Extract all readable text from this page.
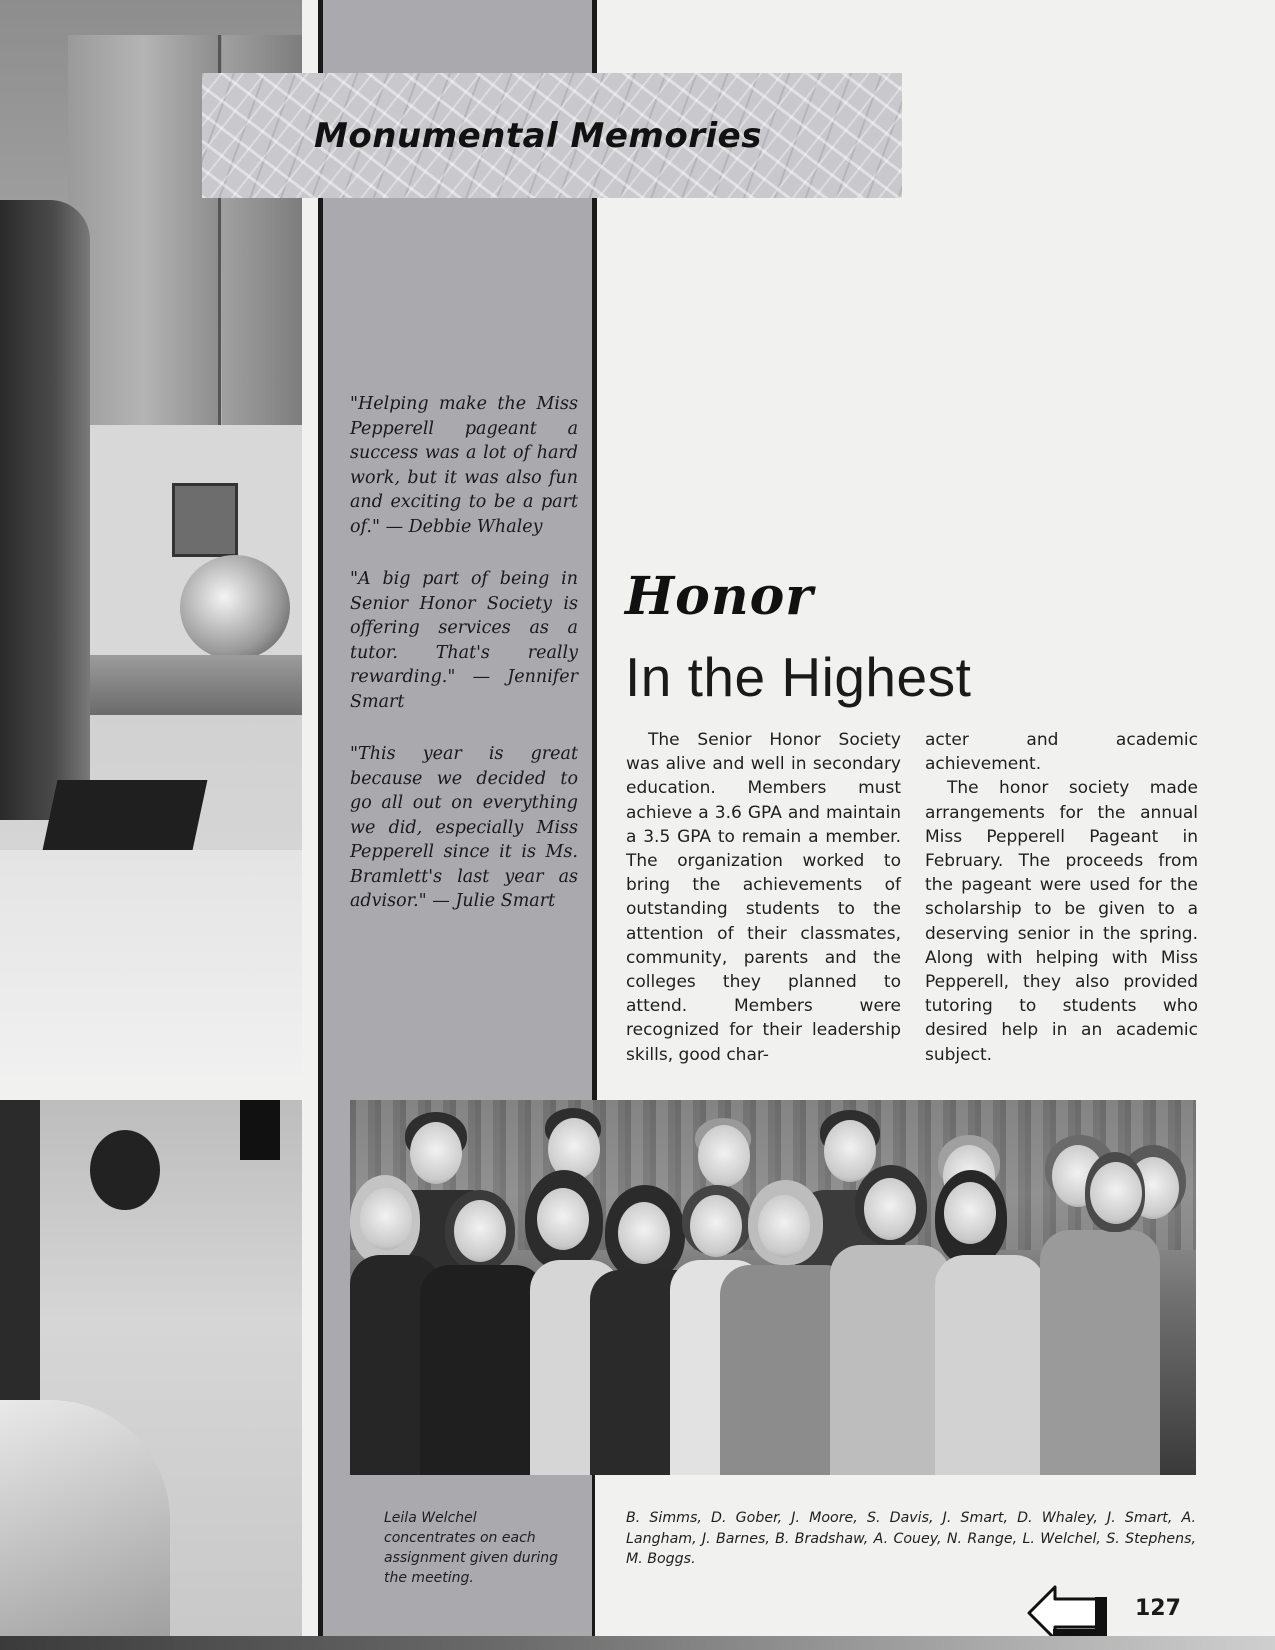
Monumental Memories

"Helping make the Miss Pepperell pageant a success was a lot of hard work, but it was also fun and exciting to be a part of." — Debbie Whaley

"A big part of being in Senior Honor Society is offering services as a tutor. That's really rewarding." — Jennifer Smart

"This year is great because we decided to go all out on everything we did, especially Miss Pepperell since it is Ms. Bramlett's last year as advisor." — Julie Smart

Honor
In the Highest

The Senior Honor Society was alive and well in secondary education. Members must achieve a 3.6 GPA and maintain a 3.5 GPA to remain a member. The organization worked to bring the achievements of outstanding students to the attention of their classmates, community, parents and the colleges they planned to attend. Members were recognized for their leadership skills, good char-

acter and academic achievement.

The honor society made arrangements for the annual Miss Pepperell Pageant in February. The proceeds from the pageant were used for the scholarship to be given to a deserving senior in the spring. Along with helping with Miss Pepperell, they also provided tutoring to students who desired help in an academic subject.

Leila Welchel concentrates on each assignment given during the meeting.
B. Simms, D. Gober, J. Moore, S. Davis, J. Smart, D. Whaley, J. Smart, A. Langham, J. Barnes, B. Bradshaw, A. Couey, N. Range, L. Welchel, S. Stephens, M. Boggs.
127
